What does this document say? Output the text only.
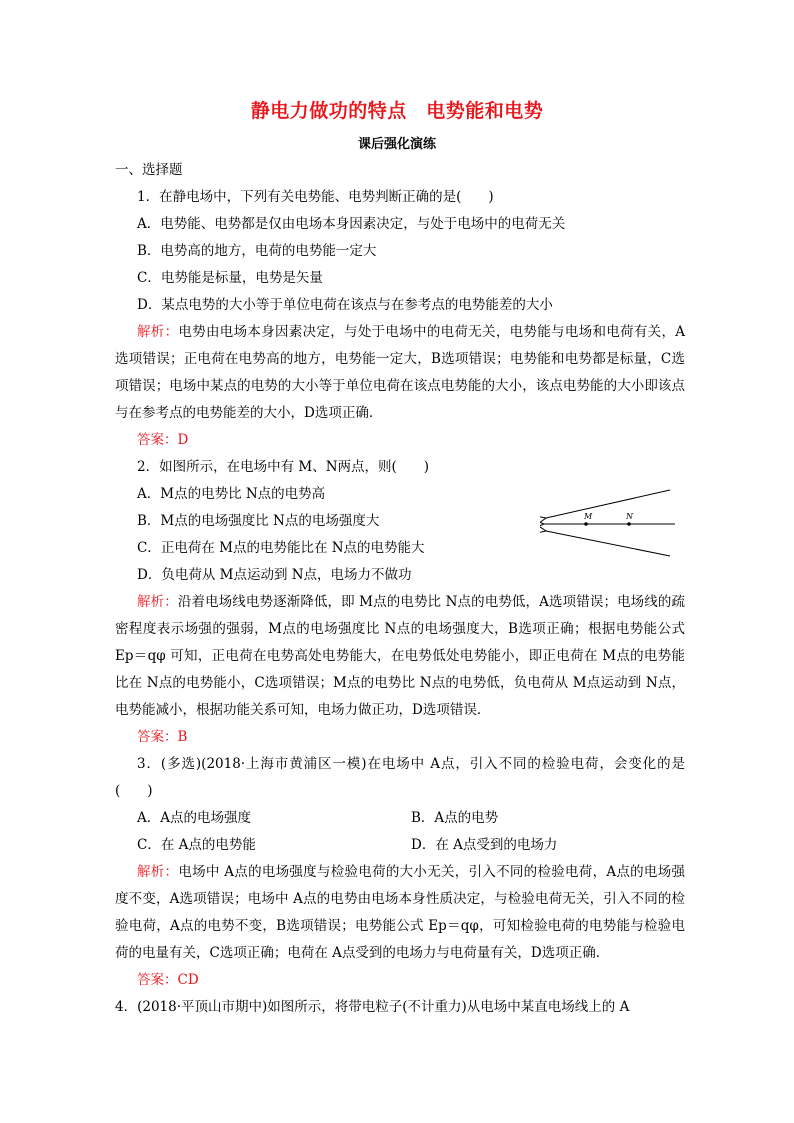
静电力做功的特点　电势能和电势
课后强化演练
一、选择题
1．在静电场中，下列有关电势能、电势判断正确的是(　　)
A．电势能、电势都是仅由电场本身因素决定，与处于电场中的电荷无关
B．电势高的地方，电荷的电势能一定大
C．电势能是标量，电势是矢量
D．某点电势的大小等于单位电荷在该点与在参考点的电势能差的大小
解析：电势由电场本身因素决定，与处于电场中的电荷无关，电势能与电场和电荷有关，A选项错误；正电荷在电势高的地方，电势能一定大，B选项错误；电势能和电势都是标量，C选项错误；电场中某点的电势的大小等于单位电荷在该点电势能的大小，该点电势能的大小即该点与在参考点的电势能差的大小，D选项正确．
答案：D
2．如图所示，在电场中有 M、N两点，则(　　)
A．M点的电势比 N点的电势高
B．M点的电场强度比 N点的电场强度大
C．正电荷在 M点的电势能比在 N点的电势能大
D．负电荷从 M点运动到 N点，电场力不做功
解析：沿着电场线电势逐渐降低，即 M点的电势比 N点的电势低，A选项错误；电场线的疏密程度表示场强的强弱，M点的电场强度比 N点的电场强度大，B选项正确；根据电势能公式 Ep＝qφ 可知，正电荷在电势高处电势能大，在电势低处电势能小，即正电荷在 M点的电势能比在 N点的电势能小，C选项错误；M点的电势比 N点的电势低，负电荷从 M点运动到 N点，电势能减小，根据功能关系可知，电场力做正功，D选项错误．
答案：B
3．(多选)(2018·上海市黄浦区一模)在电场中 A点，引入不同的检验电荷，会变化的是(　　)
A．A点的电场强度	B．A点的电势
C．在 A点的电势能	D．在 A点受到的电场力
解析：电场中 A点的电场强度与检验电荷的大小无关，引入不同的检验电荷，A点的电场强度不变，A选项错误；电场中 A点的电势由电场本身性质决定，与检验电荷无关，引入不同的检验电荷，A点的电势不变，B选项错误；电势能公式 Ep＝qφ，可知检验电荷的电势能与检验电荷的电量有关，C选项正确；电荷在 A点受到的电场力与电荷量有关，D选项正确．
答案：CD
4．(2018·平顶山市期中)如图所示，将带电粒子(不计重力)从电场中某直电场线上的 A
M	N
